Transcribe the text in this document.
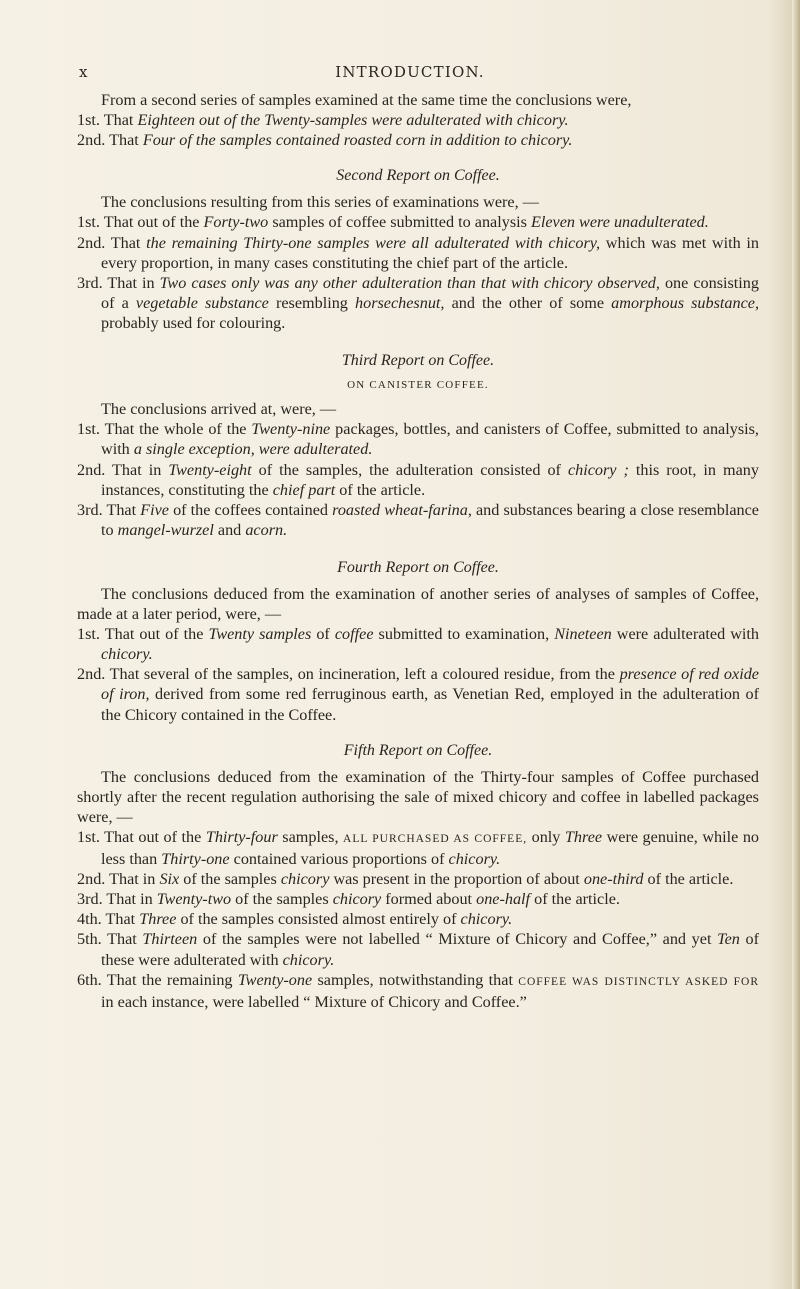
x	INTRODUCTION.

From a second series of samples examined at the same time the conclusions were,

1st. That Eighteen out of the Twenty-samples were adulterated with chicory.

2nd. That Four of the samples contained roasted corn in addition to chicory.

Second Report on Coffee.

The conclusions resulting from this series of examinations were, —

1st. That out of the Forty-two samples of coffee submitted to analysis Eleven were unadulterated.

2nd. That the remaining Thirty-one samples were all adulterated with chicory, which was met with in every proportion, in many cases constituting the chief part of the article.

3rd. That in Two cases only was any other adulteration than that with chicory observed, one consisting of a vegetable substance resembling horsechesnut, and the other of some amorphous substance, probably used for colouring.

Third Report on Coffee.

ON CANISTER COFFEE.

The conclusions arrived at, were, —

1st. That the whole of the Twenty-nine packages, bottles, and canisters of Coffee, submitted to analysis, with a single exception, were adulterated.

2nd. That in Twenty-eight of the samples, the adulteration consisted of chicory ; this root, in many instances, constituting the chief part of the article.

3rd. That Five of the coffees contained roasted wheat-farina, and substances bearing a close resemblance to mangel-wurzel and acorn.

Fourth Report on Coffee.

The conclusions deduced from the examination of another series of analyses of samples of Coffee, made at a later period, were, —

1st. That out of the Twenty samples of coffee submitted to examination, Nineteen were adulterated with chicory.

2nd. That several of the samples, on incineration, left a coloured residue, from the presence of red oxide of iron, derived from some red ferruginous earth, as Venetian Red, employed in the adulteration of the Chicory contained in the Coffee.

Fifth Report on Coffee.

The conclusions deduced from the examination of the Thirty-four samples of Coffee purchased shortly after the recent regulation authorising the sale of mixed chicory and coffee in labelled packages were, —

1st. That out of the Thirty-four samples, ALL PURCHASED AS COFFEE, only Three were genuine, while no less than Thirty-one contained various proportions of chicory.

2nd. That in Six of the samples chicory was present in the proportion of about one-third of the article.

3rd. That in Twenty-two of the samples chicory formed about one-half of the article.

4th. That Three of the samples consisted almost entirely of chicory.

5th. That Thirteen of the samples were not labelled “ Mixture of Chicory and Coffee,” and yet Ten of these were adulterated with chicory.

6th. That the remaining Twenty-one samples, notwithstanding that COFFEE WAS DISTINCTLY ASKED FOR in each instance, were labelled “ Mixture of Chicory and Coffee.”
